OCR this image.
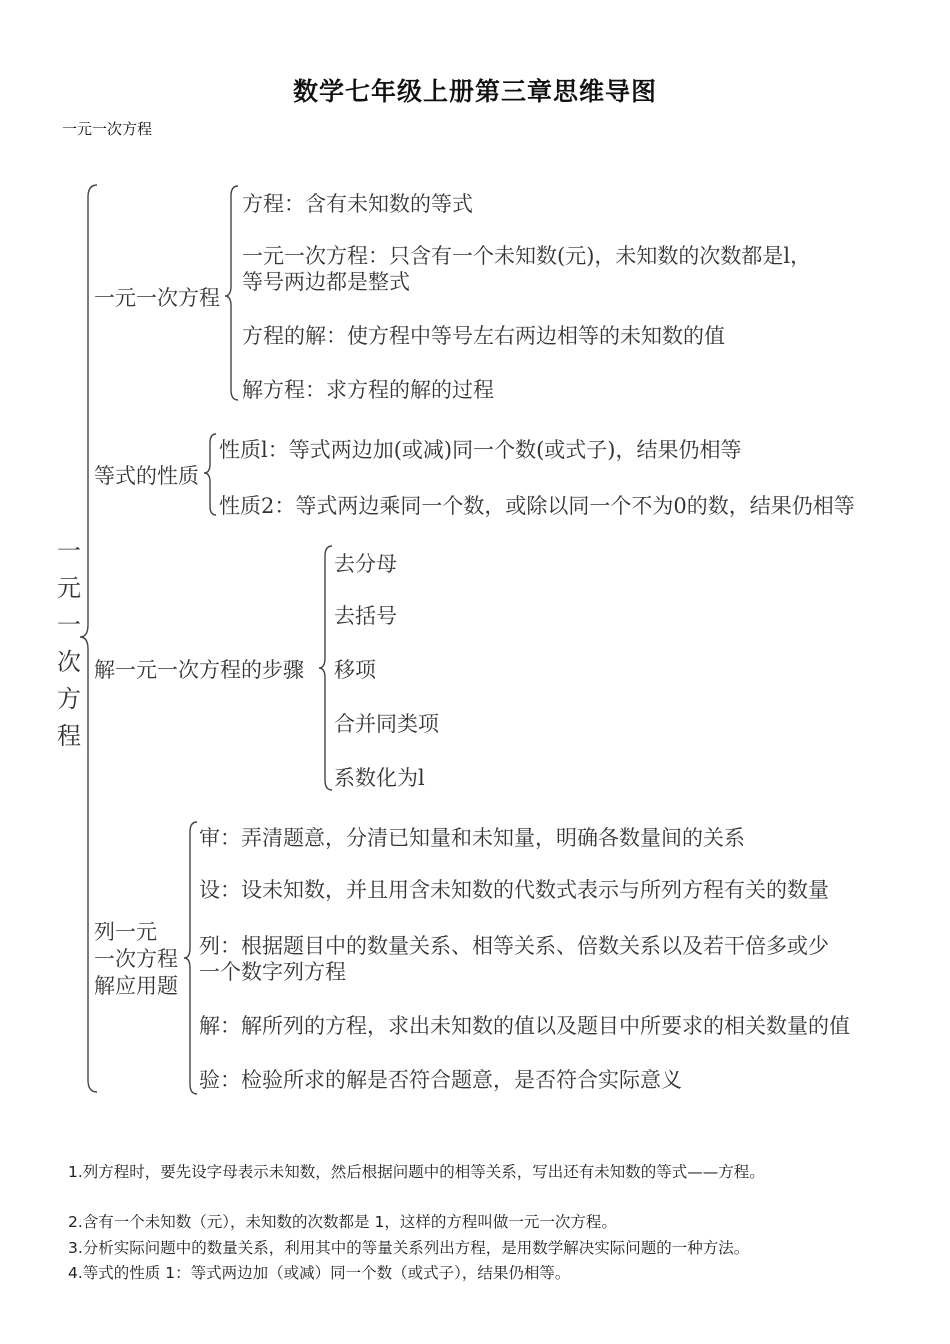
数学七年级上册第三章思维导图
一元一次方程
一元一次方程
一元一次方程
方程：含有未知数的等式
一元一次方程：只含有一个未知数(元)，未知数的次数都是l，
等号两边都是整式
方程的解：使方程中等号左右两边相等的未知数的值
解方程：求方程的解的过程
等式的性质
性质l：等式两边加(或减)同一个数(或式子)，结果仍相等
性质2：等式两边乘同一个数，或除以同一个不为0的数，结果仍相等
解一元一次方程的步骤
去分母
去括号
移项
合并同类项
系数化为l
列一元
一次方程
解应用题
审：弄清题意，分清已知量和未知量，明确各数量间的关系
设：设未知数，并且用含未知数的代数式表示与所列方程有关的数量
列：根据题目中的数量关系、相等关系、倍数关系以及若干倍多或少
一个数字列方程
解：解所列的方程，求出未知数的值以及题目中所要求的相关数量的值
验：检验所求的解是否符合题意，是否符合实际意义
1.列方程时，要先设字母表示未知数，然后根据问题中的相等关系，写出还有未知数的等式——方程。
2.含有一个未知数（元），未知数的次数都是 1，这样的方程叫做一元一次方程。
3.分析实际问题中的数量关系，利用其中的等量关系列出方程，是用数学解决实际问题的一种方法。
4.等式的性质 1：等式两边加（或减）同一个数（或式子），结果仍相等。
